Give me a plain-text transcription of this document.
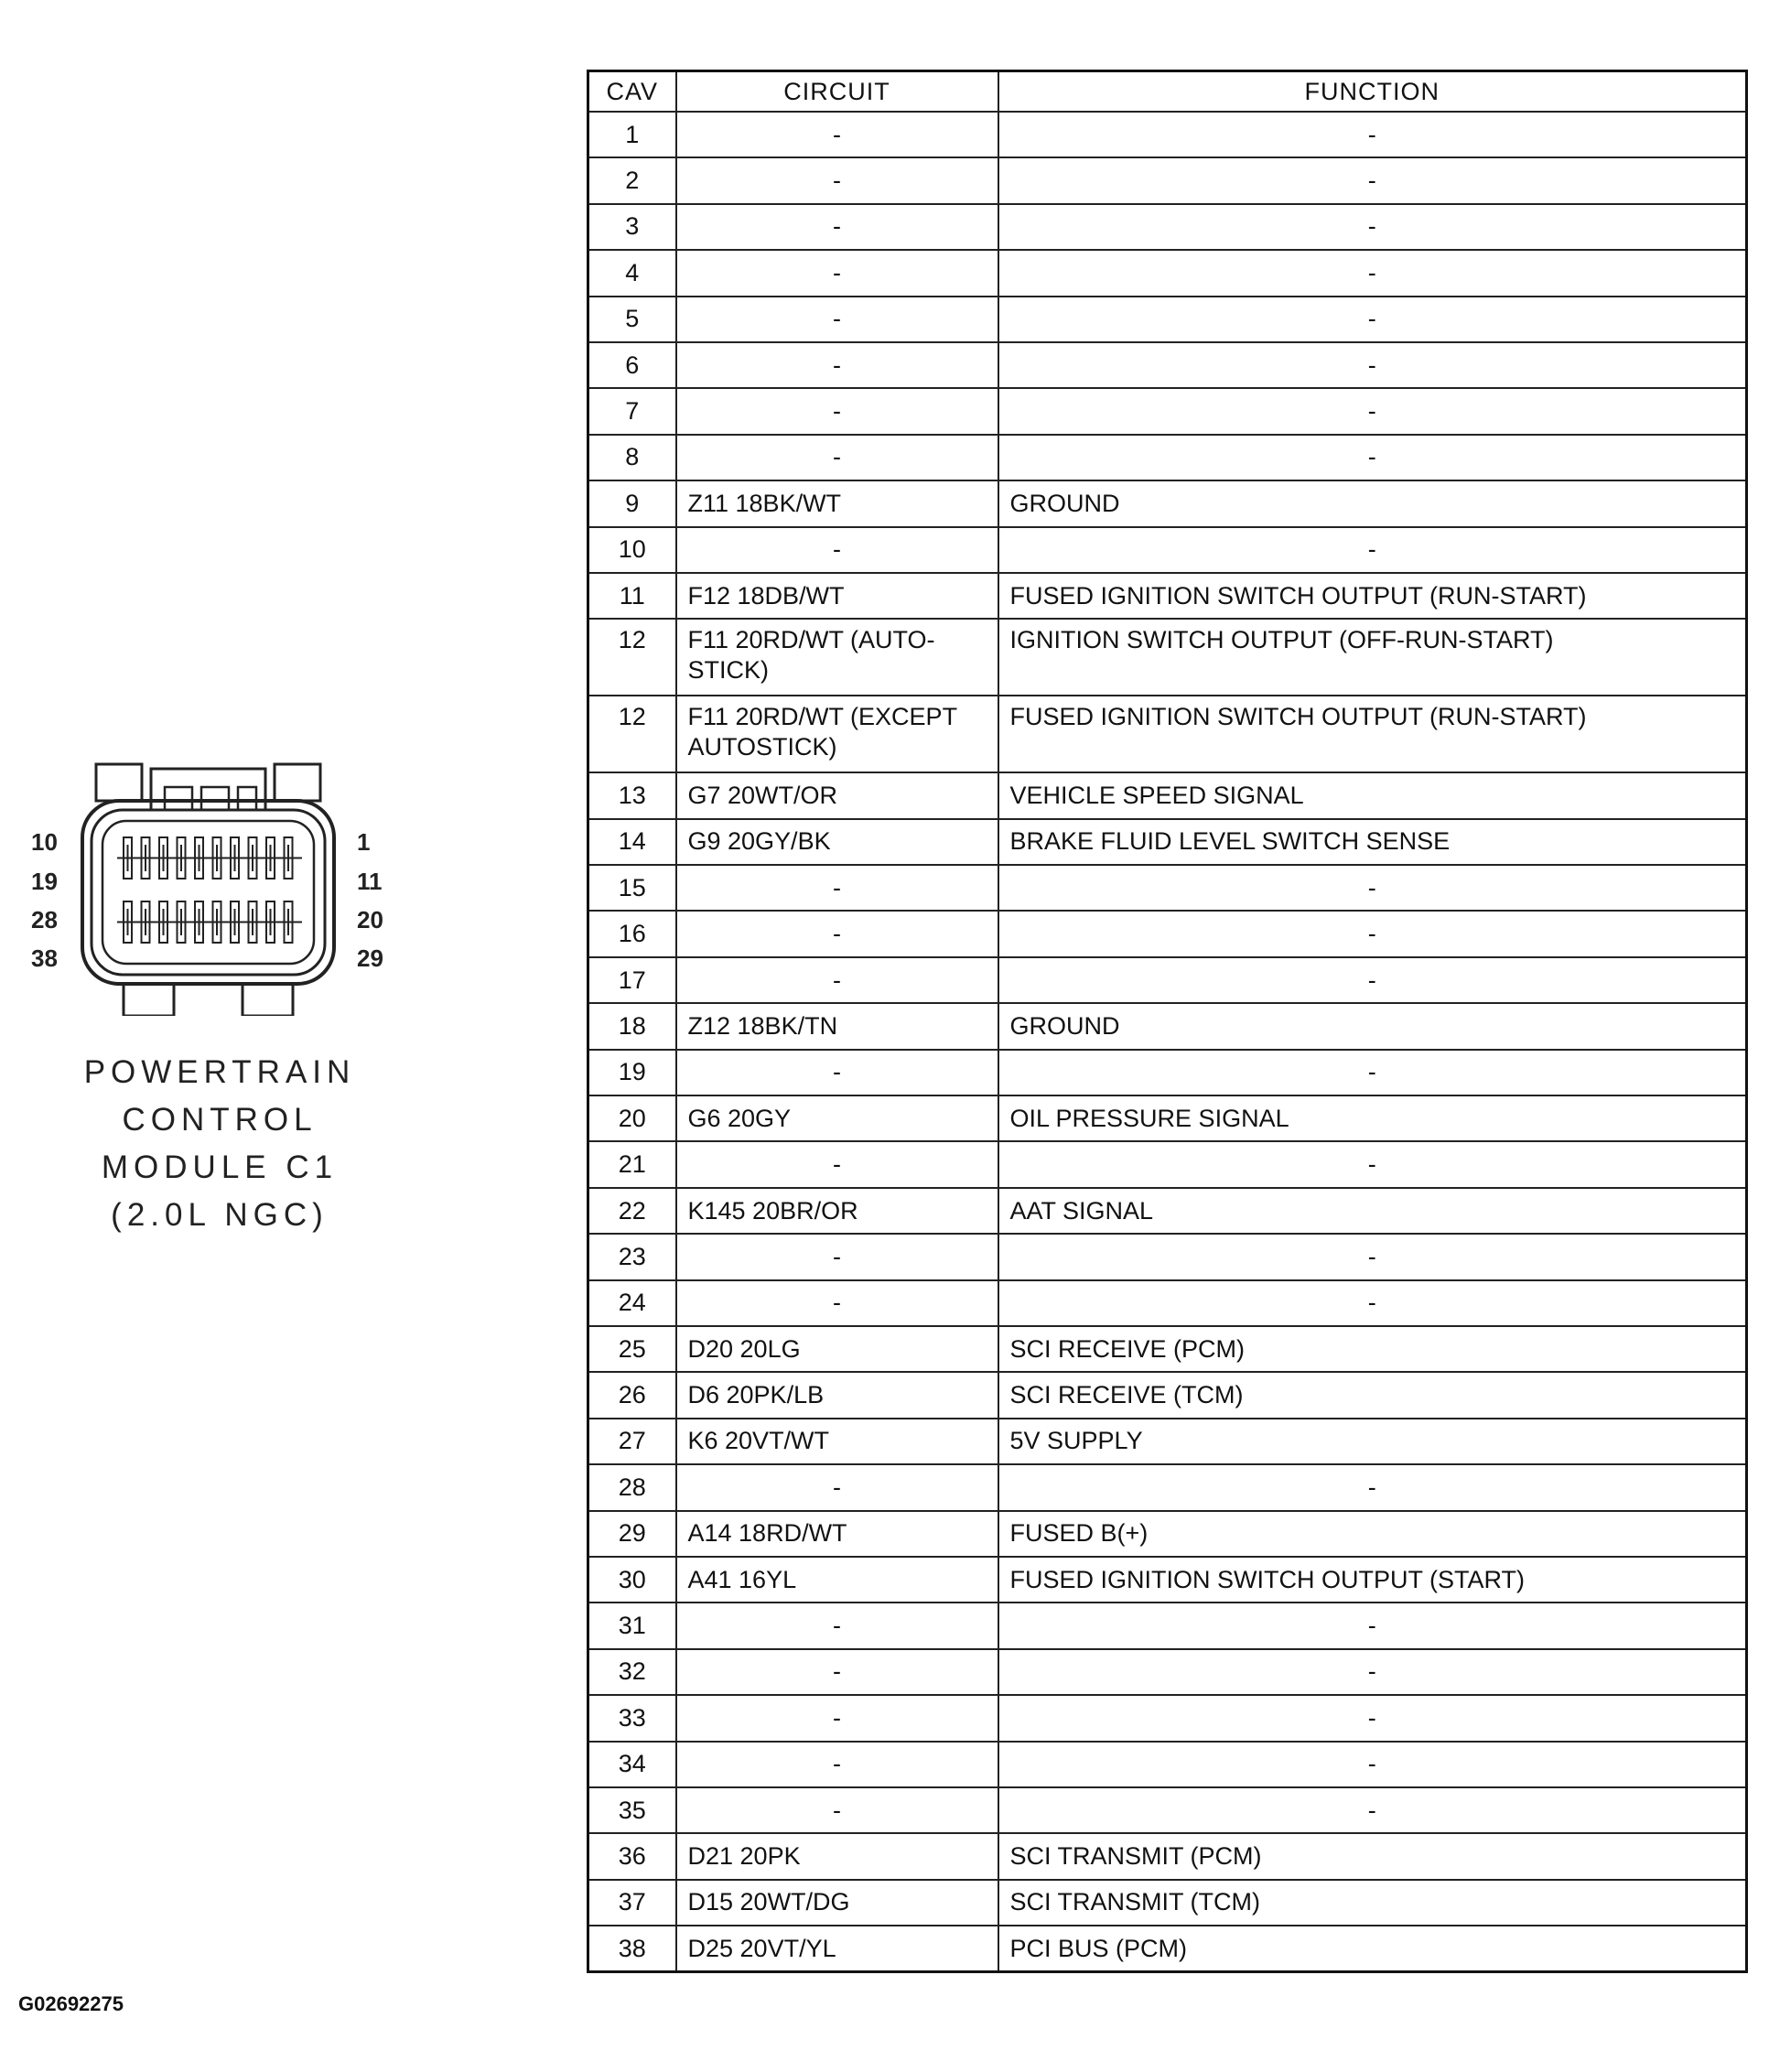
10
19
28
38
1
11
20
29
POWERTRAIN
CONTROL
MODULE C1
(2.0L NGC)
CAV	CIRCUIT	FUNCTION
1	-	-
2	-	-
3	-	-
4	-	-
5	-	-
6	-	-
7	-	-
8	-	-
9	Z11 18BK/WT	GROUND
10	-	-
11	F12 18DB/WT	FUSED IGNITION SWITCH OUTPUT (RUN-START)
12	F11 20RD/WT (AUTO-STICK)	IGNITION SWITCH OUTPUT (OFF-RUN-START)
12	F11 20RD/WT (EXCEPT AUTOSTICK)	FUSED IGNITION SWITCH OUTPUT (RUN-START)
13	G7 20WT/OR	VEHICLE SPEED SIGNAL
14	G9 20GY/BK	BRAKE FLUID LEVEL SWITCH SENSE
15	-	-
16	-	-
17	-	-
18	Z12 18BK/TN	GROUND
19	-	-
20	G6 20GY	OIL PRESSURE SIGNAL
21	-	-
22	K145 20BR/OR	AAT SIGNAL
23	-	-
24	-	-
25	D20 20LG	SCI RECEIVE (PCM)
26	D6 20PK/LB	SCI RECEIVE (TCM)
27	K6 20VT/WT	5V SUPPLY
28	-	-
29	A14 18RD/WT	FUSED B(+)
30	A41 16YL	FUSED IGNITION SWITCH OUTPUT (START)
31	-	-
32	-	-
33	-	-
34	-	-
35	-	-
36	D21 20PK	SCI TRANSMIT (PCM)
37	D15 20WT/DG	SCI TRANSMIT (TCM)
38	D25 20VT/YL	PCI BUS (PCM)
G02692275
